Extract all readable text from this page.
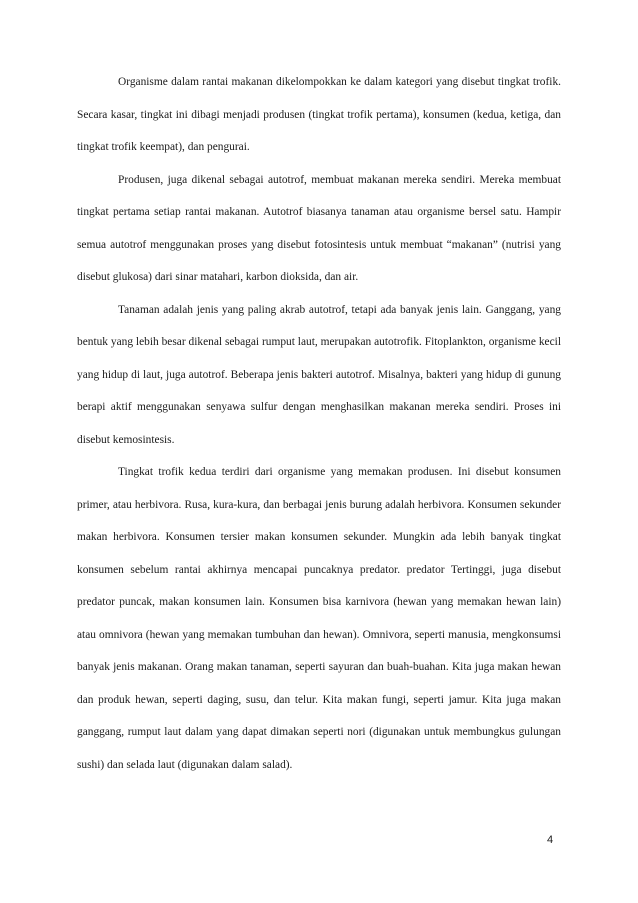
Organisme dalam rantai makanan dikelompokkan ke dalam kategori yang disebut tingkat trofik. Secara kasar, tingkat ini dibagi menjadi produsen (tingkat trofik pertama), konsumen (kedua, ketiga, dan tingkat trofik keempat), dan pengurai.

Produsen, juga dikenal sebagai autotrof, membuat makanan mereka sendiri. Mereka membuat tingkat pertama setiap rantai makanan. Autotrof biasanya tanaman atau organisme bersel satu. Hampir semua autotrof menggunakan proses yang disebut fotosintesis untuk membuat “makanan” (nutrisi yang disebut glukosa) dari sinar matahari, karbon dioksida, dan air.

Tanaman adalah jenis yang paling akrab autotrof, tetapi ada banyak jenis lain. Ganggang, yang bentuk yang lebih besar dikenal sebagai rumput laut, merupakan autotrofik. Fitoplankton, organisme kecil yang hidup di laut, juga autotrof. Beberapa jenis bakteri autotrof. Misalnya, bakteri yang hidup di gunung berapi aktif menggunakan senyawa sulfur dengan menghasilkan makanan mereka sendiri. Proses ini disebut kemosintesis.

Tingkat trofik kedua terdiri dari organisme yang memakan produsen. Ini disebut konsumen primer, atau herbivora. Rusa, kura-kura, dan berbagai jenis burung adalah herbivora. Konsumen sekunder makan herbivora. Konsumen tersier makan konsumen sekunder. Mungkin ada lebih banyak tingkat konsumen sebelum rantai akhirnya mencapai puncaknya predator. predator Tertinggi, juga disebut predator puncak, makan konsumen lain. Konsumen bisa karnivora (hewan yang memakan hewan lain) atau omnivora (hewan yang memakan tumbuhan dan hewan). Omnivora, seperti manusia, mengkonsumsi banyak jenis makanan. Orang makan tanaman, seperti sayuran dan buah-buahan. Kita juga makan hewan dan produk hewan, seperti daging, susu, dan telur. Kita makan fungi, seperti jamur. Kita juga makan ganggang, rumput laut dalam yang dapat dimakan seperti nori (digunakan untuk membungkus gulungan sushi) dan selada laut (digunakan dalam salad).

4
